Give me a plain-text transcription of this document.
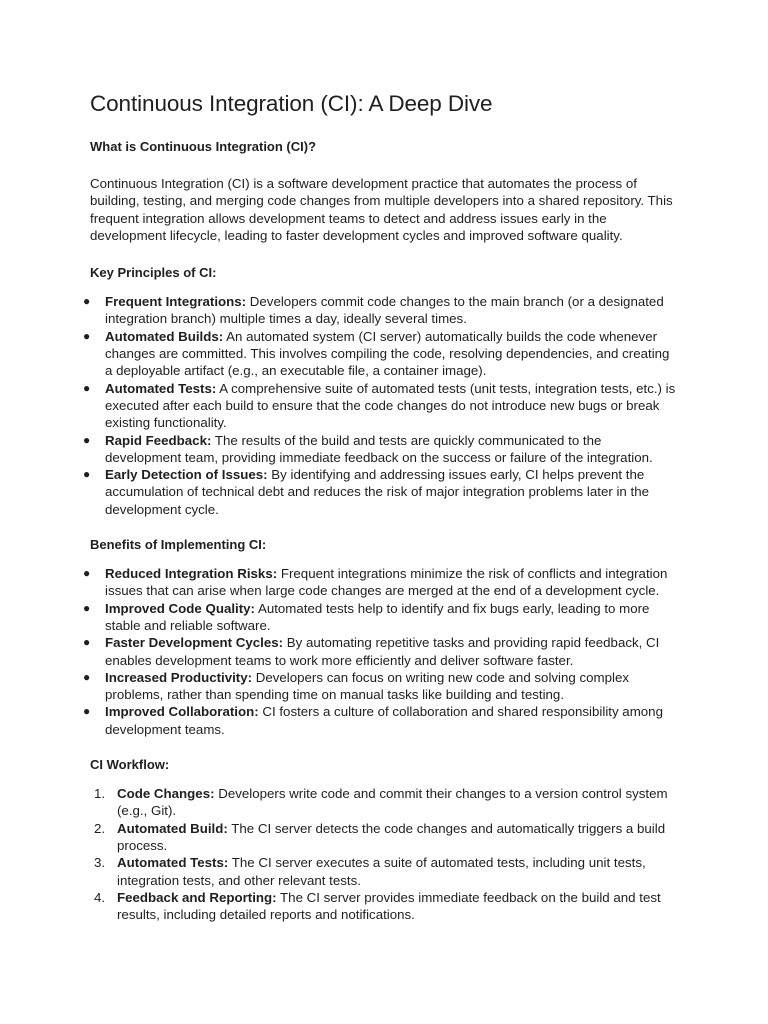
Continuous Integration (CI): A Deep Dive
What is Continuous Integration (CI)?

Continuous Integration (CI) is a software development practice that automates the process of building, testing, and merging code changes from multiple developers into a shared repository. This frequent integration allows development teams to detect and address issues early in the development lifecycle, leading to faster development cycles and improved software quality.

Key Principles of CI:
● Frequent Integrations: Developers commit code changes to the main branch (or a designated integration branch) multiple times a day, ideally several times.
● Automated Builds: An automated system (CI server) automatically builds the code whenever changes are committed. This involves compiling the code, resolving dependencies, and creating a deployable artifact (e.g., an executable file, a container image).
● Automated Tests: A comprehensive suite of automated tests (unit tests, integration tests, etc.) is executed after each build to ensure that the code changes do not introduce new bugs or break existing functionality.
● Rapid Feedback: The results of the build and tests are quickly communicated to the development team, providing immediate feedback on the success or failure of the integration.
● Early Detection of Issues: By identifying and addressing issues early, CI helps prevent the accumulation of technical debt and reduces the risk of major integration problems later in the development cycle.
Benefits of Implementing CI:
● Reduced Integration Risks: Frequent integrations minimize the risk of conflicts and integration issues that can arise when large code changes are merged at the end of a development cycle.
● Improved Code Quality: Automated tests help to identify and fix bugs early, leading to more stable and reliable software.
● Faster Development Cycles: By automating repetitive tasks and providing rapid feedback, CI enables development teams to work more efficiently and deliver software faster.
● Increased Productivity: Developers can focus on writing new code and solving complex problems, rather than spending time on manual tasks like building and testing.
● Improved Collaboration: CI fosters a culture of collaboration and shared responsibility among development teams.
CI Workflow:
1. Code Changes: Developers write code and commit their changes to a version control system (e.g., Git).
2. Automated Build: The CI server detects the code changes and automatically triggers a build process.
3. Automated Tests: The CI server executes a suite of automated tests, including unit tests, integration tests, and other relevant tests.
4. Feedback and Reporting: The CI server provides immediate feedback on the build and test results, including detailed reports and notifications.
